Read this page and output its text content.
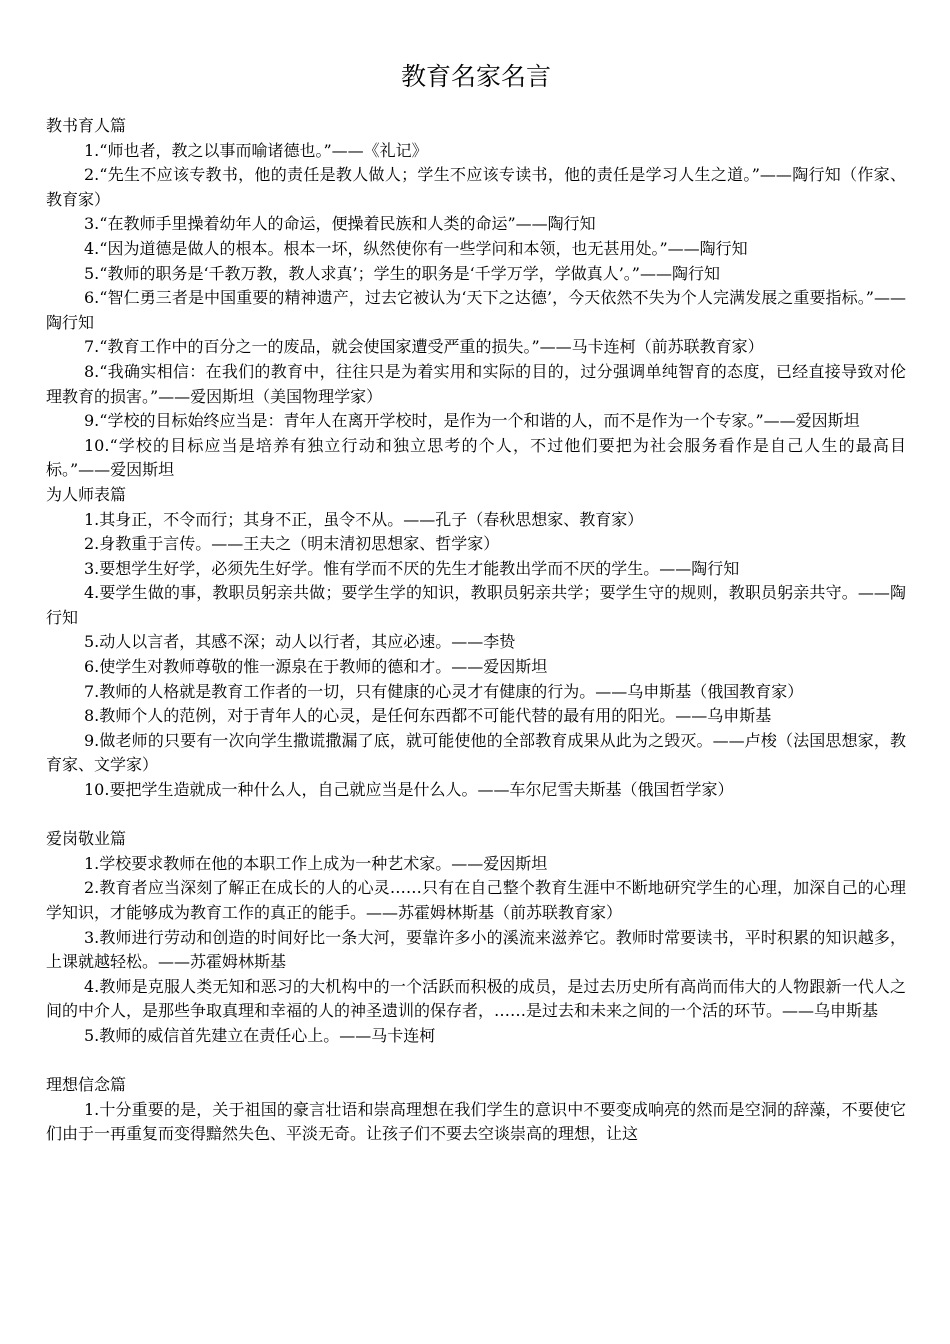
教育名家名言

教书育人篇

1.“师也者，教之以事而喻诸德也。”——《礼记》

2.“先生不应该专教书，他的责任是教人做人；学生不应该专读书，他的责任是学习人生之道。”——陶行知（作家、教育家）

3.“在教师手里操着幼年人的命运，便操着民族和人类的命运”——陶行知

4.“因为道德是做人的根本。根本一坏，纵然使你有一些学问和本领，也无甚用处。”——陶行知

5.“教师的职务是‘千教万教，教人求真’；学生的职务是‘千学万学，学做真人’。”——陶行知

6.“智仁勇三者是中国重要的精神遗产，过去它被认为‘天下之达德’，今天依然不失为个人完满发展之重要指标。”——陶行知

7.“教育工作中的百分之一的废品，就会使国家遭受严重的损失。”——马卡连柯（前苏联教育家）

8.“我确实相信：在我们的教育中，往往只是为着实用和实际的目的，过分强调单纯智育的态度，已经直接导致对伦理教育的损害。”——爱因斯坦（美国物理学家）

9.“学校的目标始终应当是：青年人在离开学校时，是作为一个和谐的人，而不是作为一个专家。”——爱因斯坦

10.“学校的目标应当是培养有独立行动和独立思考的个人，不过他们要把为社会服务看作是自己人生的最高目标。”——爱因斯坦

为人师表篇

1.其身正，不令而行；其身不正，虽令不从。——孔子（春秋思想家、教育家）

2.身教重于言传。——王夫之（明末清初思想家、哲学家）

3.要想学生好学，必须先生好学。惟有学而不厌的先生才能教出学而不厌的学生。——陶行知

4.要学生做的事，教职员躬亲共做；要学生学的知识，教职员躬亲共学；要学生守的规则，教职员躬亲共守。——陶行知

5.动人以言者，其感不深；动人以行者，其应必速。——李贽

6.使学生对教师尊敬的惟一源泉在于教师的德和才。——爱因斯坦

7.教师的人格就是教育工作者的一切，只有健康的心灵才有健康的行为。——乌申斯基（俄国教育家）

8.教师个人的范例，对于青年人的心灵，是任何东西都不可能代替的最有用的阳光。——乌申斯基

9.做老师的只要有一次向学生撒谎撒漏了底，就可能使他的全部教育成果从此为之毁灭。——卢梭（法国思想家，教育家、文学家）

10.要把学生造就成一种什么人，自己就应当是什么人。——车尔尼雪夫斯基（俄国哲学家）

爱岗敬业篇

1.学校要求教师在他的本职工作上成为一种艺术家。——爱因斯坦

2.教育者应当深刻了解正在成长的人的心灵……只有在自己整个教育生涯中不断地研究学生的心理，加深自己的心理学知识，才能够成为教育工作的真正的能手。——苏霍姆林斯基（前苏联教育家）

3.教师进行劳动和创造的时间好比一条大河，要靠许多小的溪流来滋养它。教师时常要读书，平时积累的知识越多，上课就越轻松。——苏霍姆林斯基

4.教师是克服人类无知和恶习的大机构中的一个活跃而积极的成员，是过去历史所有高尚而伟大的人物跟新一代人之间的中介人，是那些争取真理和幸福的人的神圣遗训的保存者，……是过去和未来之间的一个活的环节。——乌申斯基

5.教师的威信首先建立在责任心上。——马卡连柯

理想信念篇

1.十分重要的是，关于祖国的豪言壮语和崇高理想在我们学生的意识中不要变成响亮的然而是空洞的辞藻，不要使它们由于一再重复而变得黯然失色、平淡无奇。让孩子们不要去空谈崇高的理想，让这
